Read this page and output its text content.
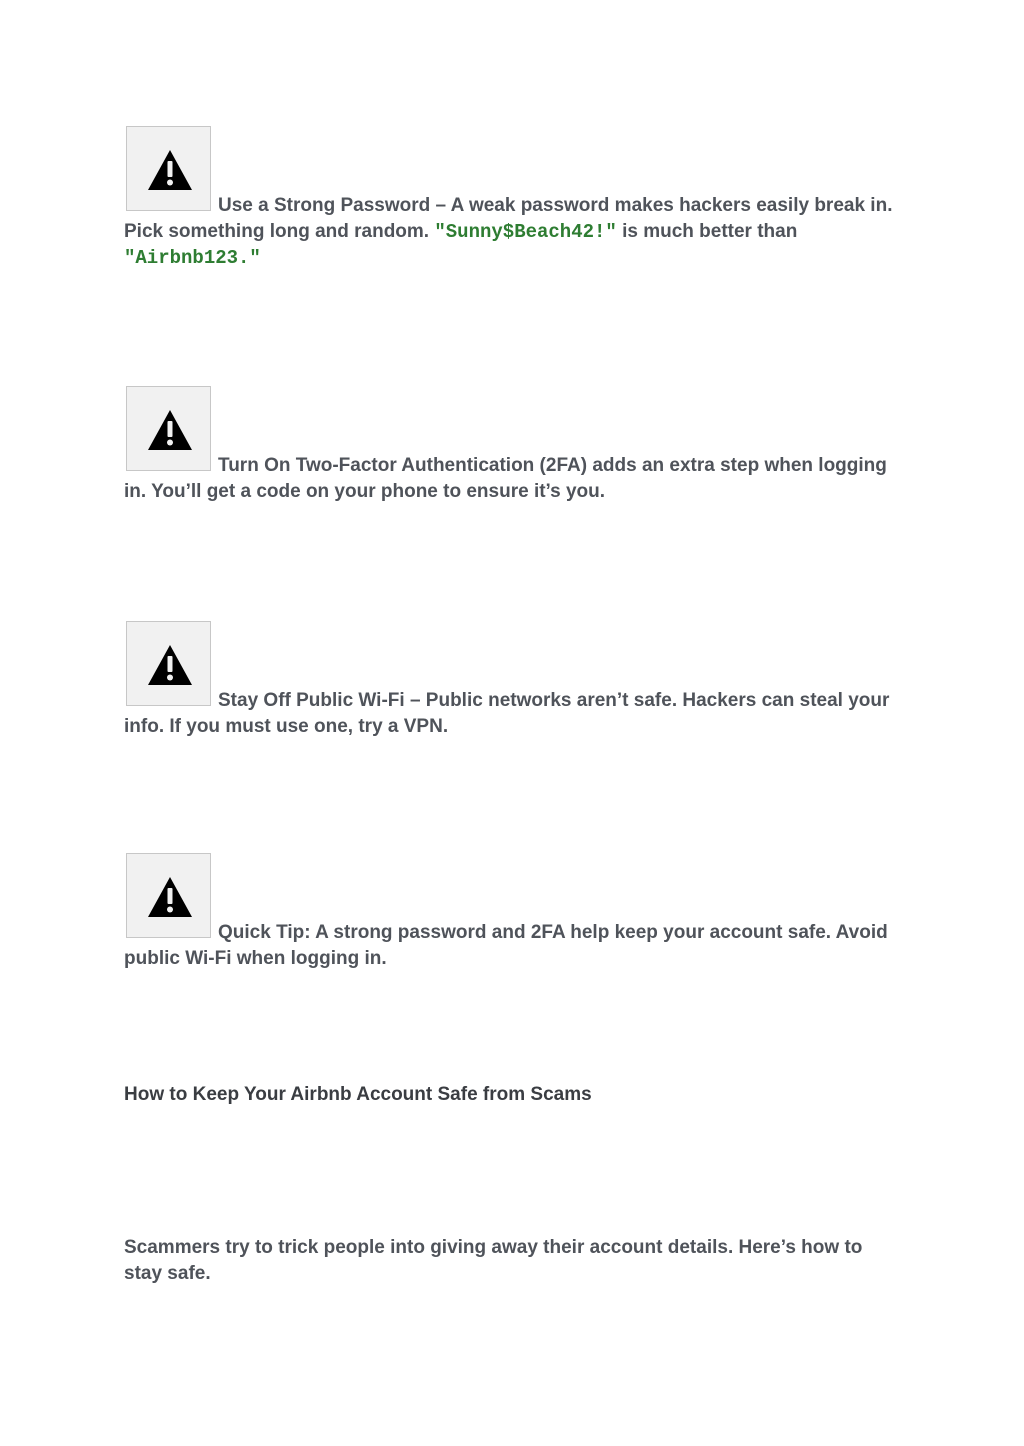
Use a Strong Password – A weak password makes hackers easily break in. Pick something long and random. "Sunny$Beach42!" is much better than "Airbnb123."
Turn On Two-Factor Authentication (2FA) adds an extra step when logging in. You’ll get a code on your phone to ensure it’s you.
Stay Off Public Wi-Fi – Public networks aren’t safe. Hackers can steal your info. If you must use one, try a VPN.
Quick Tip: A strong password and 2FA help keep your account safe. Avoid public Wi-Fi when logging in.
How to Keep Your Airbnb Account Safe from Scams
Scammers try to trick people into giving away their account details. Here’s how to stay safe.
